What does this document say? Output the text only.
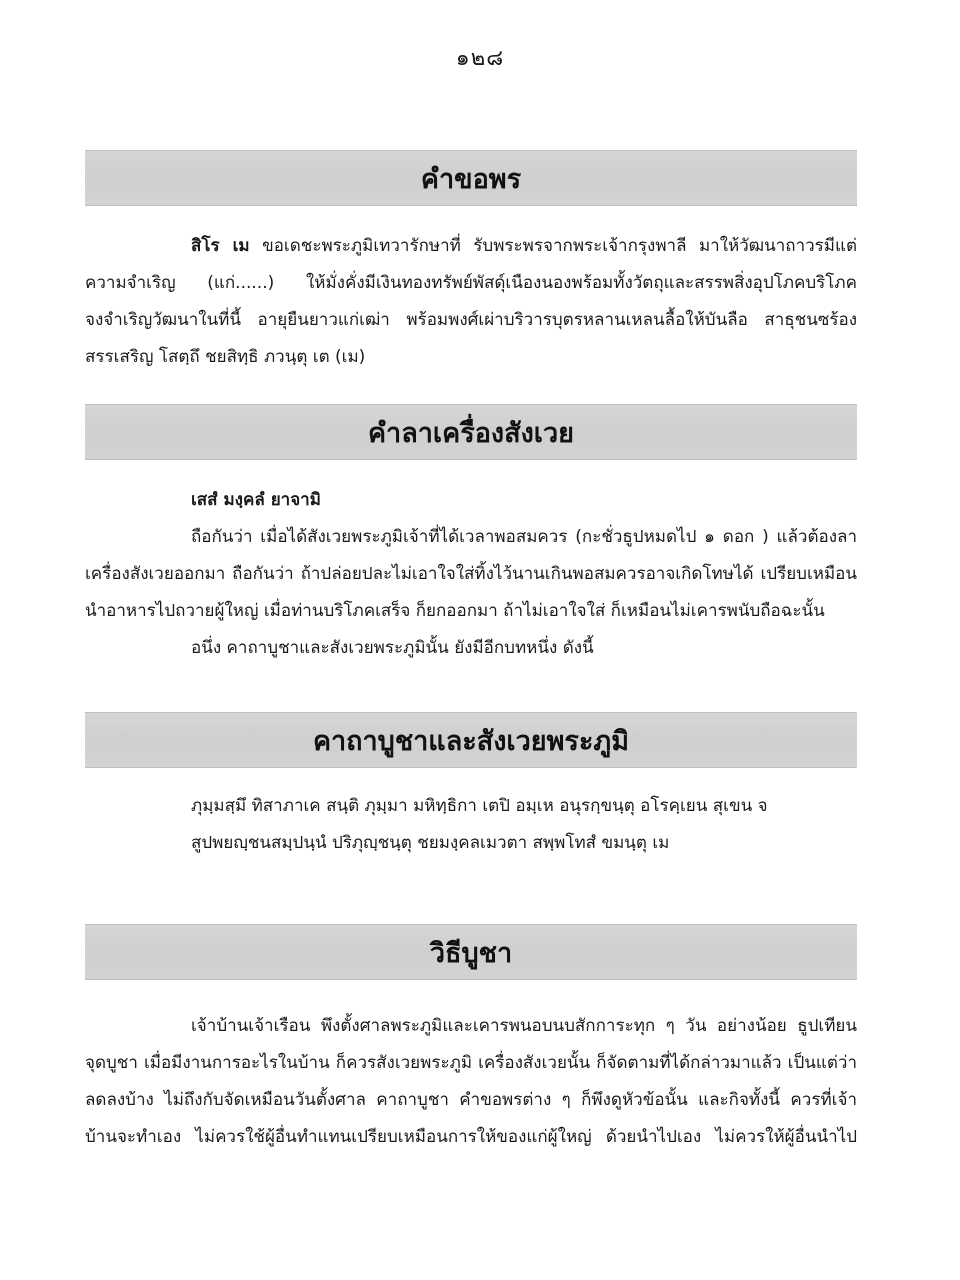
๑๒๘
คำขอพร
สิโร เม ขอเดชะพระภูมิเทวารักษาที่ รับพระพรจากพระเจ้ากรุงพาลี มาให้วัฒนาถาวรมีแต่
ความจำเริญ (แก่......) ให้มั่งคั่งมีเงินทองทรัพย์พัสดุ์เนืองนองพร้อมทั้งวัตถุและสรรพสิ่งอุปโภคบริโภค
จงจำเริญวัฒนาในที่นี้ อายุยืนยาวแก่เฒ่า พร้อมพงศ์เผ่าบริวารบุตรหลานเหลนลื้อให้บันลือ สาธุชนซร้อง
สรรเสริญ โสตฺถึ ชยสิทฺธิ ภวนฺตุ เต (เม)
คำลาเครื่องสังเวย
เสสํ มงฺคลํ ยาจามิ
ถือกันว่า เมื่อได้สังเวยพระภูมิเจ้าที่ได้เวลาพอสมควร (กะชั่วธูปหมดไป ๑ ดอก ) แล้วต้องลา
เครื่องสังเวยออกมา ถือกันว่า ถ้าปล่อยปละไม่เอาใจใส่ทิ้งไว้นานเกินพอสมควรอาจเกิดโทษได้ เปรียบเหมือน
นำอาหารไปถวายผู้ใหญ่ เมื่อท่านบริโภคเสร็จ ก็ยกออกมา ถ้าไม่เอาใจใส่ ก็เหมือนไม่เคารพนับถือฉะนั้น
อนึ่ง คาถาบูชาและสังเวยพระภูมินั้น ยังมีอีกบทหนึ่ง ดังนี้
คาถาบูชาและสังเวยพระภูมิ
ภุมฺมสฺมึ ทิสาภาเค สนฺติ ภุมฺมา มหิทฺธิกา เตปิ อมฺเห อนุรกฺขนฺตุ อโรคฺเยน สุเขน จ
สูปพยญฺชนสมฺปนฺนํ ปริภุญฺชนฺตุ ชยมงฺคลเมวตา สพฺพโทสํ ขมนฺตุ เม
วิธีบูชา
เจ้าบ้านเจ้าเรือน พึงตั้งศาลพระภูมิและเคารพนอบนบสักการะทุก ๆ วัน อย่างน้อย ธูปเทียน
จุดบูชา เมื่อมีงานการอะไรในบ้าน ก็ควรสังเวยพระภูมิ เครื่องสังเวยนั้น ก็จัดตามที่ได้กล่าวมาแล้ว เป็นแต่ว่า
ลดลงบ้าง ไม่ถึงกับจัดเหมือนวันตั้งศาล คาถาบูชา คำขอพรต่าง ๆ ก็พึงดูหัวข้อนั้น และกิจทั้งนี้ ควรที่เจ้า
บ้านจะทำเอง ไม่ควรใช้ผู้อื่นทำแทนเปรียบเหมือนการให้ของแก่ผู้ใหญ่ ด้วยนำไปเอง ไม่ควรให้ผู้อื่นนำไป
